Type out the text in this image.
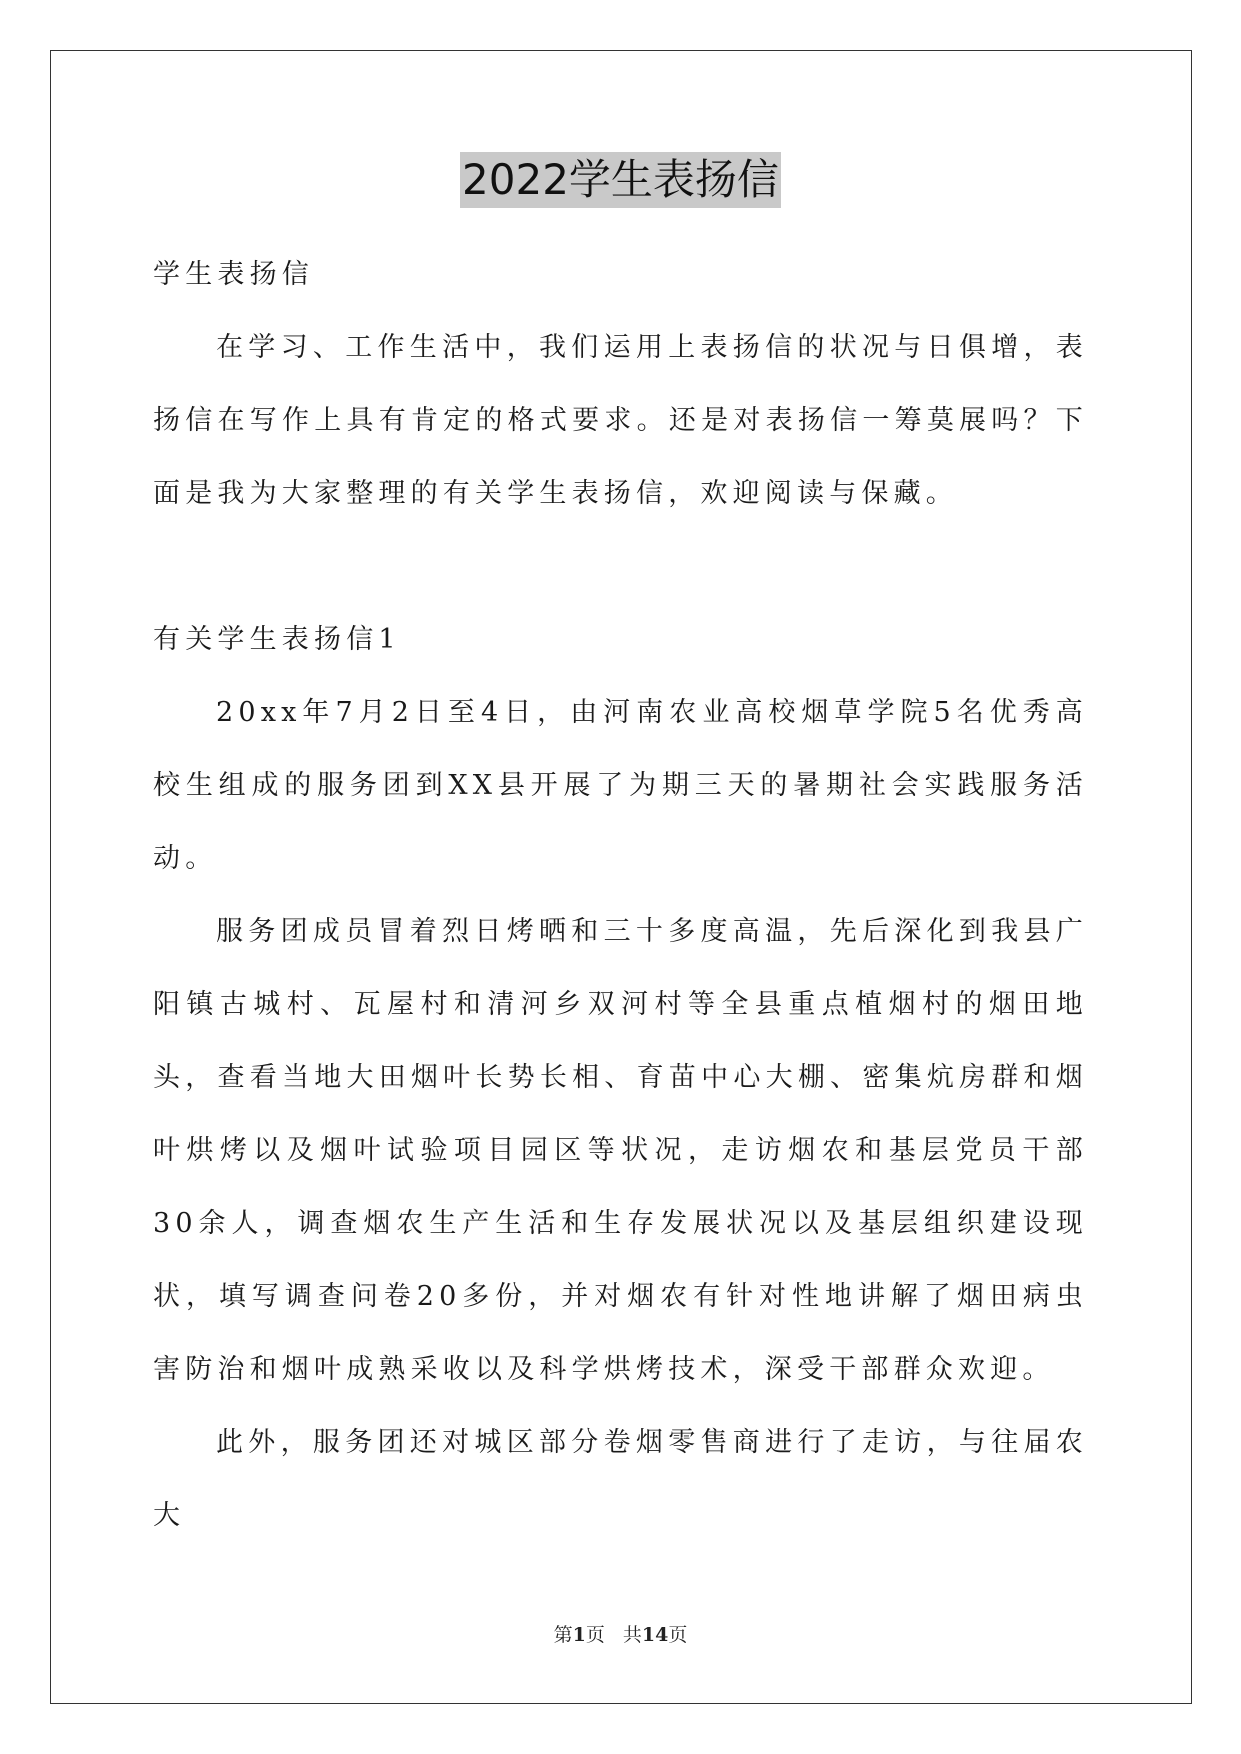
2022学生表扬信

学生表扬信

在学习、工作生活中，我们运用上表扬信的状况与日俱增，表扬信在写作上具有肯定的格式要求。还是对表扬信一筹莫展吗？下面是我为大家整理的有关学生表扬信，欢迎阅读与保藏。

有关学生表扬信1

20xx年7月2日至4日，由河南农业高校烟草学院5名优秀高校生组成的服务团到XX县开展了为期三天的暑期社会实践服务活动。

服务团成员冒着烈日烤晒和三十多度高温，先后深化到我县广阳镇古城村、瓦屋村和清河乡双河村等全县重点植烟村的烟田地头，查看当地大田烟叶长势长相、育苗中心大棚、密集炕房群和烟叶烘烤以及烟叶试验项目园区等状况，走访烟农和基层党员干部30余人，调查烟农生产生活和生存发展状况以及基层组织建设现状，填写调查问卷20多份，并对烟农有针对性地讲解了烟田病虫害防治和烟叶成熟采收以及科学烘烤技术，深受干部群众欢迎。

此外，服务团还对城区部分卷烟零售商进行了走访，与往届农大

第1页 共14页
